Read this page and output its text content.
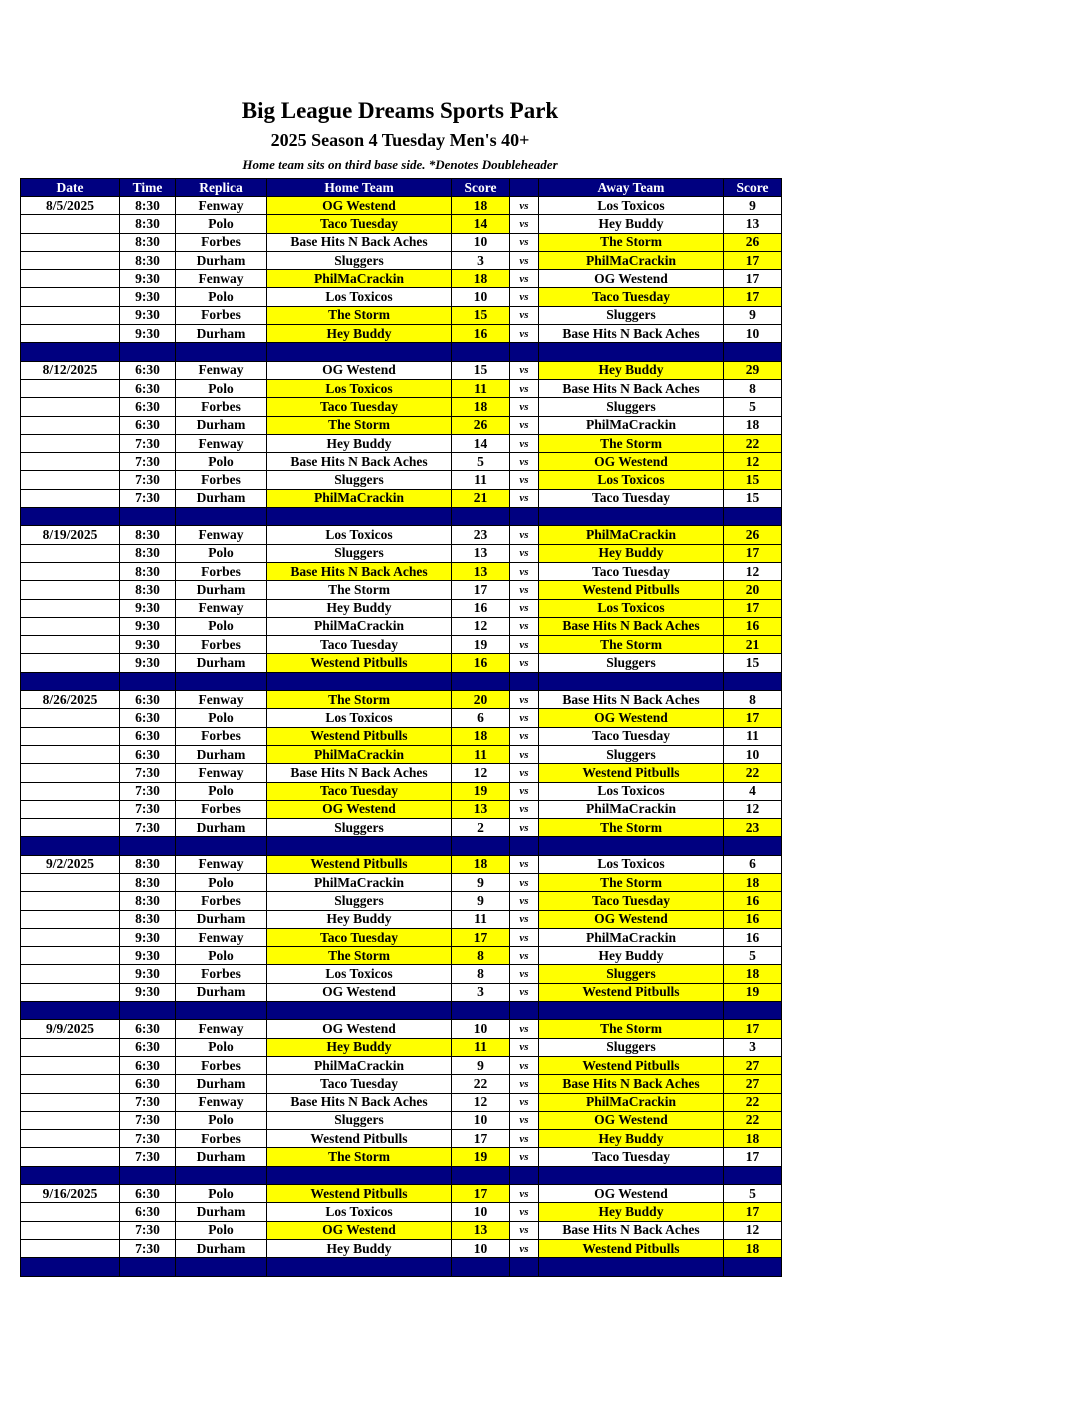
Big League Dreams Sports Park
2025 Season 4 Tuesday Men's 40+
Home team sits on third base side. *Denotes Doubleheader
Date	Time	Replica	Home Team	Score		Away Team	Score
8/5/2025	8:30	Fenway	OG Westend	18	vs	Los Toxicos	9
	8:30	Polo	Taco Tuesday	14	vs	Hey Buddy	13
	8:30	Forbes	Base Hits N Back Aches	10	vs	The Storm	26
	8:30	Durham	Sluggers	3	vs	PhilMaCrackin	17
	9:30	Fenway	PhilMaCrackin	18	vs	OG Westend	17
	9:30	Polo	Los Toxicos	10	vs	Taco Tuesday	17
	9:30	Forbes	The Storm	15	vs	Sluggers	9
	9:30	Durham	Hey Buddy	16	vs	Base Hits N Back Aches	10

8/12/2025	6:30	Fenway	OG Westend	15	vs	Hey Buddy	29
	6:30	Polo	Los Toxicos	11	vs	Base Hits N Back Aches	8
	6:30	Forbes	Taco Tuesday	18	vs	Sluggers	5
	6:30	Durham	The Storm	26	vs	PhilMaCrackin	18
	7:30	Fenway	Hey Buddy	14	vs	The Storm	22
	7:30	Polo	Base Hits N Back Aches	5	vs	OG Westend	12
	7:30	Forbes	Sluggers	11	vs	Los Toxicos	15
	7:30	Durham	PhilMaCrackin	21	vs	Taco Tuesday	15

8/19/2025	8:30	Fenway	Los Toxicos	23	vs	PhilMaCrackin	26
	8:30	Polo	Sluggers	13	vs	Hey Buddy	17
	8:30	Forbes	Base Hits N Back Aches	13	vs	Taco Tuesday	12
	8:30	Durham	The Storm	17	vs	Westend Pitbulls	20
	9:30	Fenway	Hey Buddy	16	vs	Los Toxicos	17
	9:30	Polo	PhilMaCrackin	12	vs	Base Hits N Back Aches	16
	9:30	Forbes	Taco Tuesday	19	vs	The Storm	21
	9:30	Durham	Westend Pitbulls	16	vs	Sluggers	15

8/26/2025	6:30	Fenway	The Storm	20	vs	Base Hits N Back Aches	8
	6:30	Polo	Los Toxicos	6	vs	OG Westend	17
	6:30	Forbes	Westend Pitbulls	18	vs	Taco Tuesday	11
	6:30	Durham	PhilMaCrackin	11	vs	Sluggers	10
	7:30	Fenway	Base Hits N Back Aches	12	vs	Westend Pitbulls	22
	7:30	Polo	Taco Tuesday	19	vs	Los Toxicos	4
	7:30	Forbes	OG Westend	13	vs	PhilMaCrackin	12
	7:30	Durham	Sluggers	2	vs	The Storm	23

9/2/2025	8:30	Fenway	Westend Pitbulls	18	vs	Los Toxicos	6
	8:30	Polo	PhilMaCrackin	9	vs	The Storm	18
	8:30	Forbes	Sluggers	9	vs	Taco Tuesday	16
	8:30	Durham	Hey Buddy	11	vs	OG Westend	16
	9:30	Fenway	Taco Tuesday	17	vs	PhilMaCrackin	16
	9:30	Polo	The Storm	8	vs	Hey Buddy	5
	9:30	Forbes	Los Toxicos	8	vs	Sluggers	18
	9:30	Durham	OG Westend	3	vs	Westend Pitbulls	19

9/9/2025	6:30	Fenway	OG Westend	10	vs	The Storm	17
	6:30	Polo	Hey Buddy	11	vs	Sluggers	3
	6:30	Forbes	PhilMaCrackin	9	vs	Westend Pitbulls	27
	6:30	Durham	Taco Tuesday	22	vs	Base Hits N Back Aches	27
	7:30	Fenway	Base Hits N Back Aches	12	vs	PhilMaCrackin	22
	7:30	Polo	Sluggers	10	vs	OG Westend	22
	7:30	Forbes	Westend Pitbulls	17	vs	Hey Buddy	18
	7:30	Durham	The Storm	19	vs	Taco Tuesday	17

9/16/2025	6:30	Polo	Westend Pitbulls	17	vs	OG Westend	5
	6:30	Durham	Los Toxicos	10	vs	Hey Buddy	17
	7:30	Polo	OG Westend	13	vs	Base Hits N Back Aches	12
	7:30	Durham	Hey Buddy	10	vs	Westend Pitbulls	18
